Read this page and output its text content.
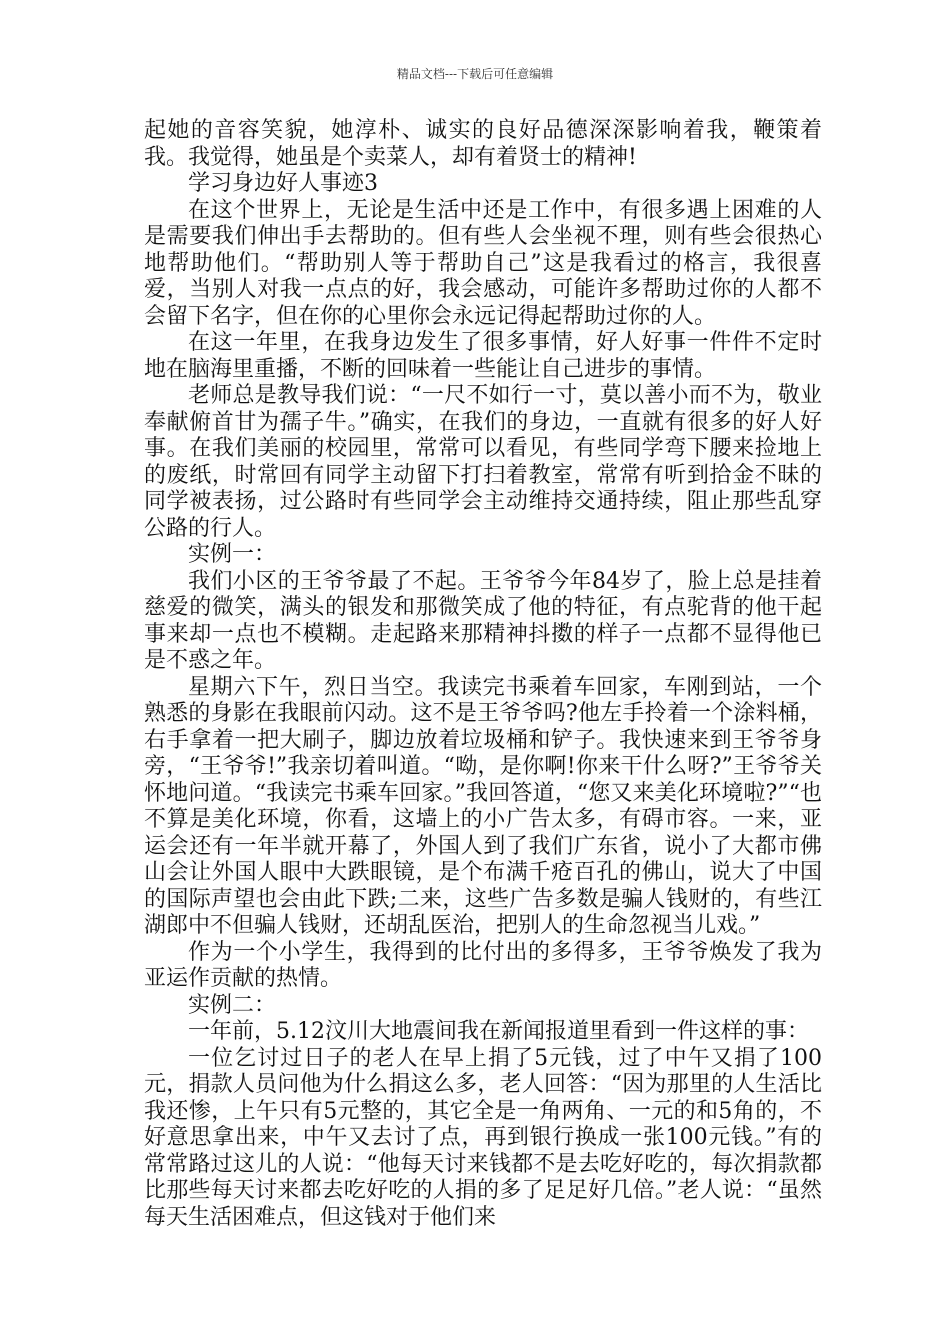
精品文档---下载后可任意编辑

起她的音容笑貌，她淳朴、诚实的良好品德深深影响着我，鞭策着我。我觉得，她虽是个卖菜人，却有着贤士的精神!

学习身边好人事迹3

在这个世界上，无论是生活中还是工作中，有很多遇上困难的人是需要我们伸出手去帮助的。但有些人会坐视不理，则有些会很热心地帮助他们。“帮助别人等于帮助自己”这是我看过的格言，我很喜爱，当别人对我一点点的好，我会感动，可能许多帮助过你的人都不会留下名字，但在你的心里你会永远记得起帮助过你的人。

在这一年里，在我身边发生了很多事情，好人好事一件件不定时地在脑海里重播，不断的回味着一些能让自己进步的事情。

老师总是教导我们说：“一尺不如行一寸，莫以善小而不为，敬业奉献俯首甘为孺子牛。”确实，在我们的身边，一直就有很多的好人好事。在我们美丽的校园里，常常可以看见，有些同学弯下腰来捡地上的废纸，时常回有同学主动留下打扫着教室，常常有听到拾金不昧的同学被表扬，过公路时有些同学会主动维持交通持续，阻止那些乱穿公路的行人。

实例一：

我们小区的王爷爷最了不起。王爷爷今年84岁了，脸上总是挂着慈爱的微笑，满头的银发和那微笑成了他的特征，有点驼背的他干起事来却一点也不模糊。走起路来那精神抖擞的样子一点都不显得他已是不惑之年。

星期六下午，烈日当空。我读完书乘着车回家，车刚到站，一个熟悉的身影在我眼前闪动。这不是王爷爷吗?他左手拎着一个涂料桶，右手拿着一把大刷子，脚边放着垃圾桶和铲子。我快速来到王爷爷身旁，“王爷爷!”我亲切着叫道。“呦，是你啊!你来干什么呀?”王爷爷关怀地问道。“我读完书乘车回家。”我回答道，“您又来美化环境啦?”“也不算是美化环境，你看，这墙上的小广告太多，有碍市容。一来，亚运会还有一年半就开幕了，外国人到了我们广东省，说小了大都市佛山会让外国人眼中大跌眼镜，是个布满千疮百孔的佛山，说大了中国的国际声望也会由此下跌;二来，这些广告多数是骗人钱财的，有些江湖郎中不但骗人钱财，还胡乱医治，把别人的生命忽视当儿戏。”

作为一个小学生，我得到的比付出的多得多，王爷爷焕发了我为亚运作贡献的热情。

实例二：

一年前，5.12汶川大地震间我在新闻报道里看到一件这样的事：

一位乞讨过日子的老人在早上捐了5元钱，过了中午又捐了100元，捐款人员问他为什么捐这么多，老人回答：“因为那里的人生活比我还惨，上午只有5元整的，其它全是一角两角、一元的和5角的，不好意思拿出来，中午又去讨了点，再到银行换成一张100元钱。”有的常常路过这儿的人说：“他每天讨来钱都不是去吃好吃的，每次捐款都比那些每天讨来都去吃好吃的人捐的多了足足好几倍。”老人说：“虽然每天生活困难点，但这钱对于他们来
